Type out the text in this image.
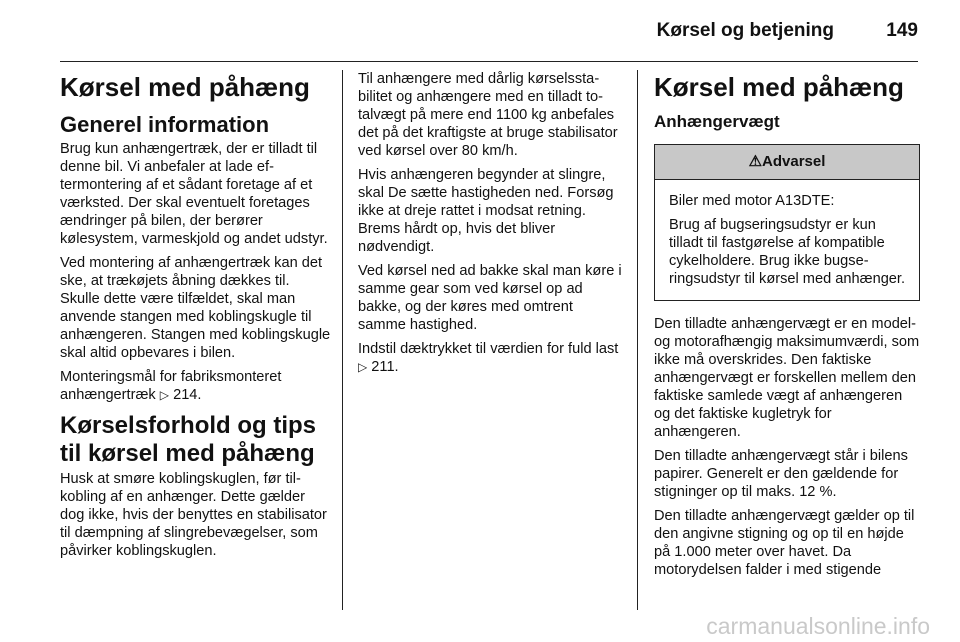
Kørsel og betjening	149
Kørsel med påhæng
Generel information

Brug kun anhængertræk, der er tilladt til denne bil. Vi anbefaler at lade eftermontering af et sådant foretage af et værksted. Der skal eventuelt foretages ændringer på bilen, der berører kølesystem, varmeskjold og andet udstyr.

Ved montering af anhængertræk kan det ske, at trækøjets åbning dækkes til. Skulle dette være tilfældet, skal man anvende stangen med koblingskugle til anhængeren. Stangen med koblingskugle skal altid opbevares i bilen.

Monteringsmål for fabriksmonteret anhængertræk ▷ 214.

Kørselsforhold og tips til kørsel med påhæng

Husk at smøre koblingskuglen, før tilkobling af en anhænger. Dette gælder dog ikke, hvis der benyttes en stabilisator til dæmpning af slingrebevægelser, som påvirker koblingskuglen.

Til anhængere med dårlig kørselsstabilitet og anhængere med en tilladt totalvægt på mere end 1100 kg anbefales det på det kraftigste at bruge stabilisator ved kørsel over 80 km/h.

Hvis anhængeren begynder at slingre, skal De sætte hastigheden ned. Forsøg ikke at dreje rattet i modsat retning. Brems hårdt op, hvis det bliver nødvendigt.

Ved kørsel ned ad bakke skal man køre i samme gear som ved kørsel op ad bakke, og der køres med omtrent samme hastighed.

Indstil dæktrykket til værdien for fuld last ▷ 211.

Kørsel med påhæng
Anhængervægt
⚠Advarsel

Biler med motor A13DTE:

Brug af bugseringsudstyr er kun tilladt til fastgørelse af kompatible cykelholdere. Brug ikke bugseringsudstyr til kørsel med anhænger.

Den tilladte anhængervægt er en model- og motorafhængig maksimumværdi, som ikke må overskrides. Den faktiske anhængervægt er forskellen mellem den faktiske samlede vægt af anhængeren og det faktiske kugletryk for anhængeren.

Den tilladte anhængervægt står i bilens papirer. Generelt er den gældende for stigninger op til maks. 12 %.

Den tilladte anhængervægt gælder op til den angivne stigning og op til en højde på 1.000 meter over havet. Da motorydelsen falder i med stigende

carmanualsonline.info
